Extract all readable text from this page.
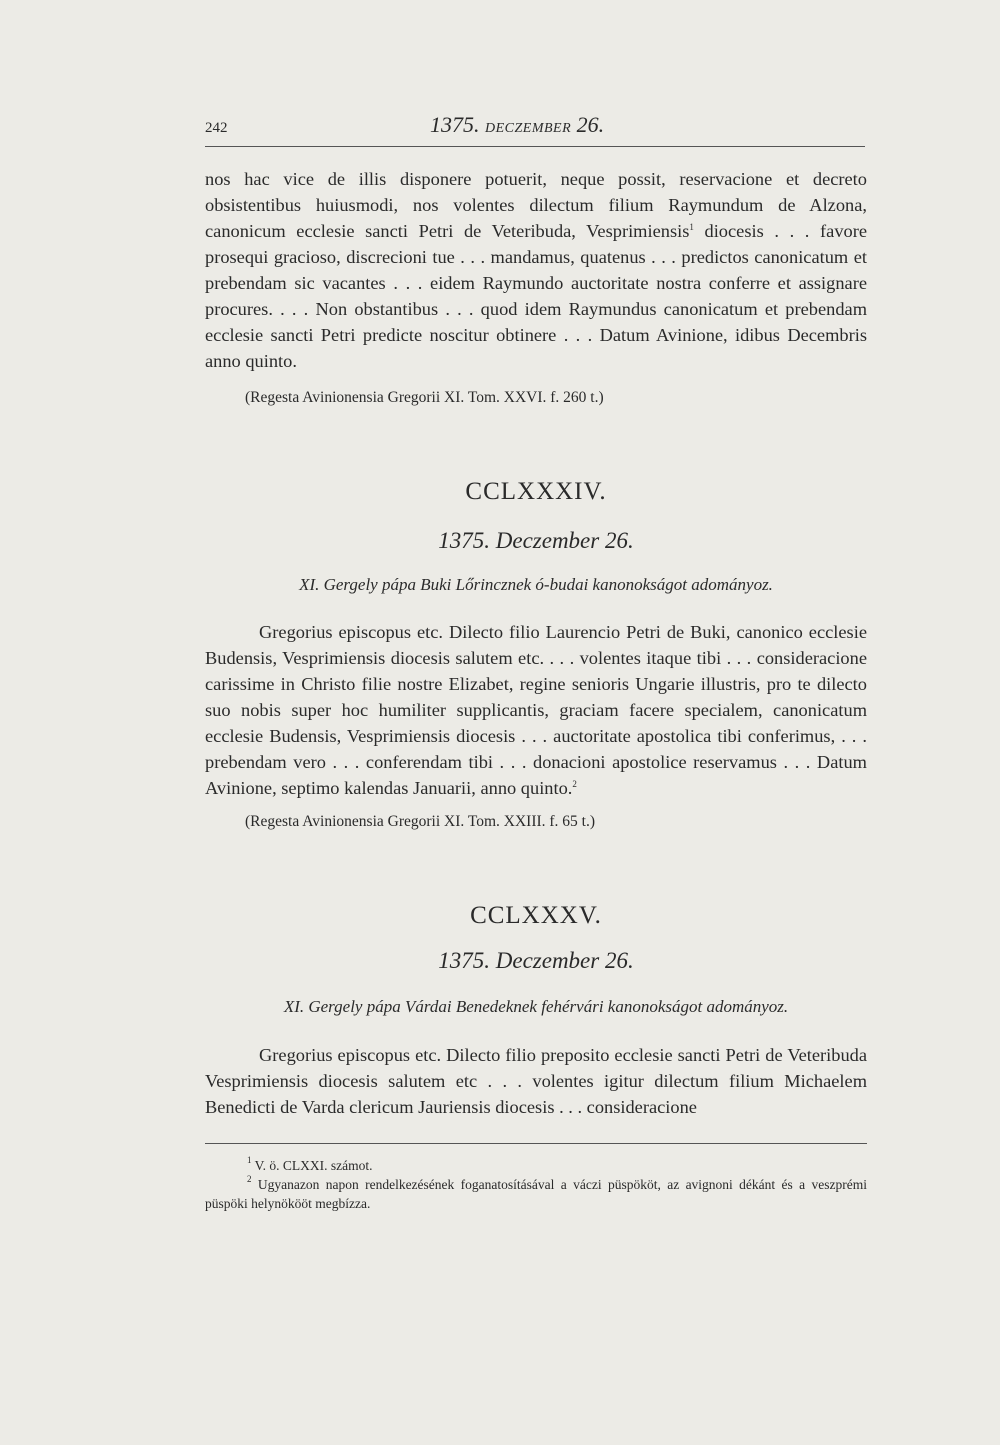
242	1375. DECZEMBER 26.

nos hac vice de illis disponere potuerit, neque possit, reservacione et decreto obsistentibus huiusmodi, nos volentes dilectum filium Raymundum de Alzona, canonicum ecclesie sancti Petri de Veteribuda, Vesprimiensis$^1$ diocesis . . . favore prosequi gracioso, discrecioni tue . . . mandamus, quatenus . . . predictos canonicatum et prebendam sic vacantes . . . eidem Raymundo auctoritate nostra conferre et assignare procures. . . . Non obstantibus . . . quod idem Raymundus canonicatum et prebendam ecclesie sancti Petri predicte noscitur obtinere . . . Datum Avinione, idibus Decembris anno quinto.

(Regesta Avinionensia Gregorii XI. Tom. XXVI. f. 260 t.)
CCLXXXIV.
1375. Deczember 26.
XI. Gergely pápa Buki Lőrincznek ó-budai kanonokságot adományoz.

Gregorius episcopus etc. Dilecto filio Laurencio Petri de Buki, canonico ecclesie Budensis, Vesprimiensis diocesis salutem etc. . . . volentes itaque tibi . . . consideracione carissime in Christo filie nostre Elizabet, regine senioris Ungarie illustris, pro te dilecto suo nobis super hoc humiliter supplicantis, graciam facere specialem, canonicatum ecclesie Budensis, Vesprimiensis diocesis . . . auctoritate apostolica tibi conferimus, . . . prebendam vero . . . conferendam tibi . . . donacioni apostolice reservamus . . . Datum Avinione, septimo kalendas Januarii, anno quinto.$^2$

(Regesta Avinionensia Gregorii XI. Tom. XXIII. f. 65 t.)
CCLXXXV.
1375. Deczember 26.
XI. Gergely pápa Várdai Benedeknek fehérvári kanonokságot adományoz.

Gregorius episcopus etc. Dilecto filio preposito ecclesie sancti Petri de Veteribuda Vesprimiensis diocesis salutem etc . . . volentes igitur dilectum filium Michaelem Benedicti de Varda clericum Jauriensis diocesis . . . consideracione

$^1$ V. ö. CLXXI. számot.

$^2$ Ugyanazon napon rendelkezésének foganatosításával a váczi püspököt, az avignoni dékánt és a veszprémi püspöki helynökööt megbízza.
